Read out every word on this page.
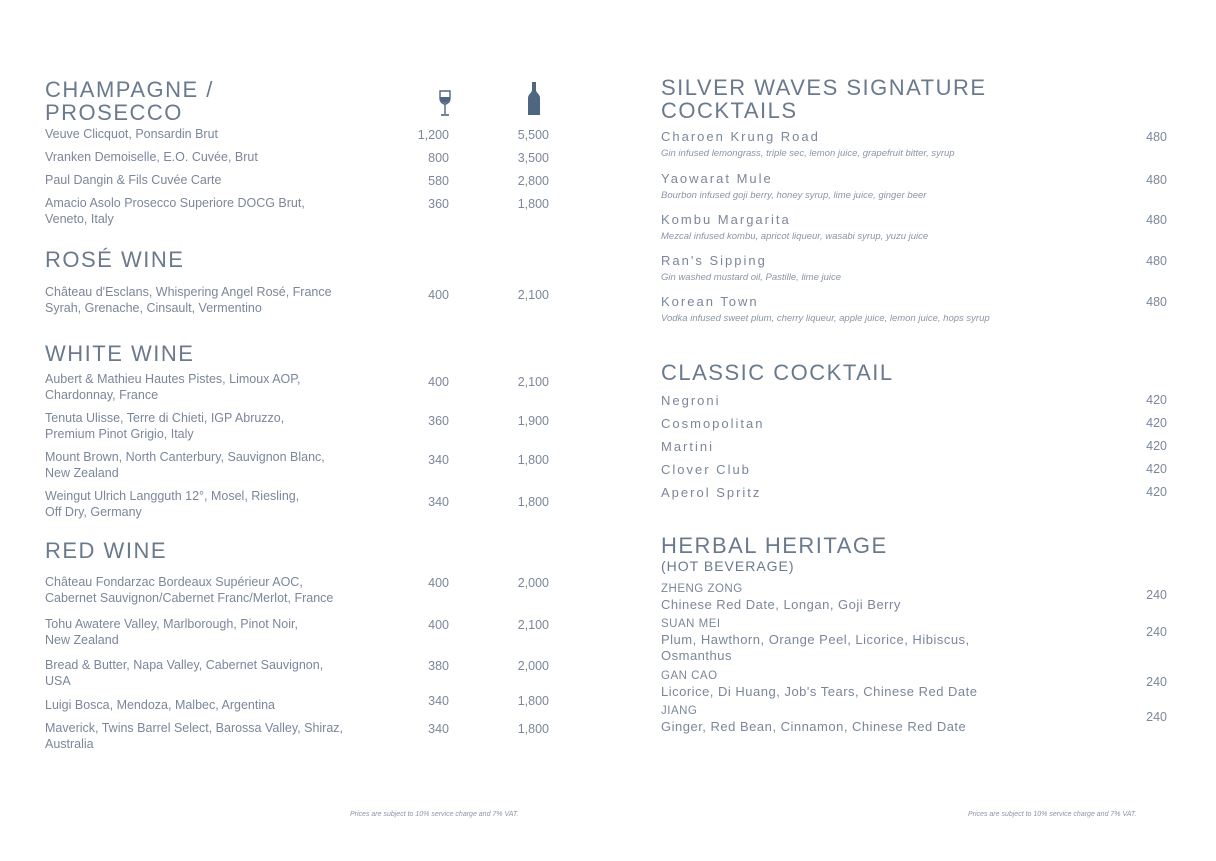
CHAMPAGNE /
PROSECCO
Veuve Clicquot, Ponsardin Brut	1,200	5,500
Vranken Demoiselle, E.O. Cuvée, Brut	800	3,500
Paul Dangin & Fils Cuvée Carte	580	2,800
Amacio Asolo Prosecco Superiore DOCG Brut,
Veneto, Italy
360	1,800
ROSÉ WINE
Château d'Esclans, Whispering Angel Rosé, France
Syrah, Grenache, Cinsault, Vermentino
400	2,100
WHITE WINE
Aubert & Mathieu Hautes Pistes, Limoux AOP,
Chardonnay, France
400	2,100
Tenuta Ulisse, Terre di Chieti, IGP Abruzzo,
Premium Pinot Grigio, Italy
360	1,900
Mount Brown, North Canterbury, Sauvignon Blanc,
New Zealand
340	1,800
Weingut Ulrich Langguth 12°, Mosel, Riesling,
Off Dry, Germany
340	1,800
RED WINE
Château Fondarzac Bordeaux Supérieur AOC,
Cabernet Sauvignon/Cabernet Franc/Merlot, France
400	2,000
Tohu Awatere Valley, Marlborough, Pinot Noir,
New Zealand
400	2,100
Bread & Butter, Napa Valley, Cabernet Sauvignon,
USA
380	2,000
Luigi Bosca, Mendoza, Malbec, Argentina	340	1,800
Maverick, Twins Barrel Select, Barossa Valley, Shiraz,
Australia
340	1,800
Prices are subject to 10% service charge and 7% VAT.
SILVER WAVES SIGNATURE
COCKTAILS
Charoen Krung Road
Gin infused lemongrass, triple sec, lemon juice, grapefruit bitter, syrup
480
Yaowarat Mule
Bourbon infused goji berry, honey syrup, lime juice, ginger beer
480
Kombu Margarita
Mezcal infused kombu, apricot liqueur, wasabi syrup, yuzu juice
480
Ran's Sipping
Gin washed mustard oil, Pastille, lime juice
480
Korean Town
Vodka infused sweet plum, cherry liqueur, apple juice, lemon juice, hops syrup
480
CLASSIC COCKTAIL
Negroni	420
Cosmopolitan	420
Martini	420
Clover Club	420
Aperol Spritz	420
HERBAL HERITAGE
(HOT BEVERAGE)
ZHENG ZONG
Chinese Red Date, Longan, Goji Berry
240
SUAN MEI
Plum, Hawthorn, Orange Peel, Licorice, Hibiscus,
Osmanthus
240
GAN CAO
Licorice, Di Huang, Job's Tears, Chinese Red Date
240
JIANG
Ginger, Red Bean, Cinnamon, Chinese Red Date
240
Prices are subject to 10% service charge and 7% VAT.
